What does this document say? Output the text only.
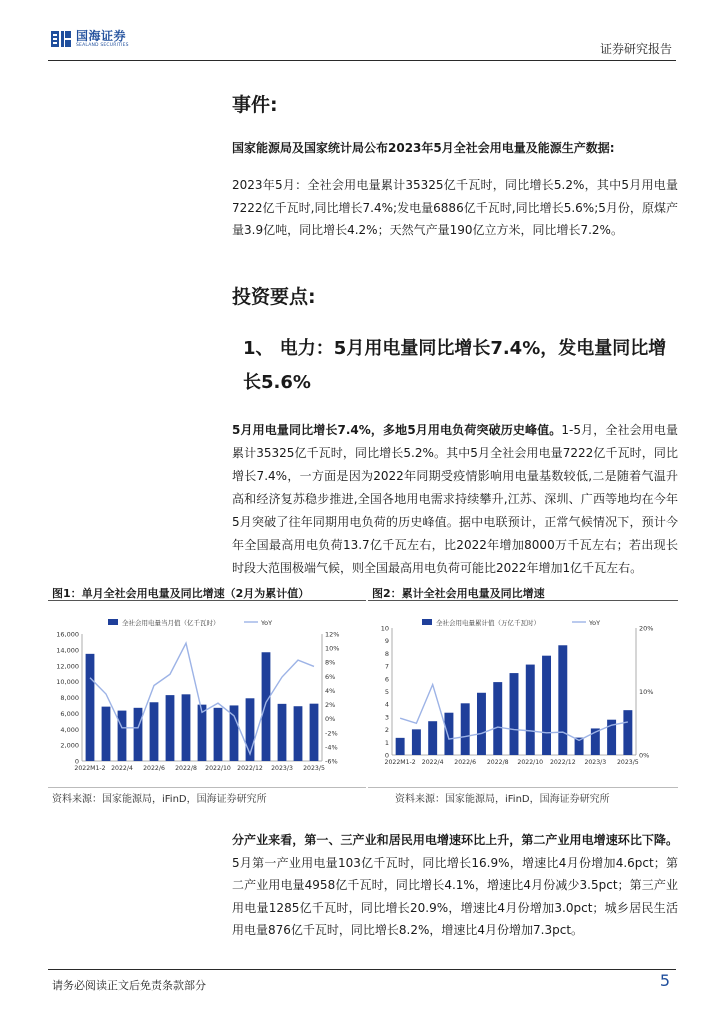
国海证券
SEALAND SECURITIES	证券研究报告
事件:
国家能源局及国家统计局公布2023年5月全社会用电量及能源生产数据:
2023年5月：全社会用电量累计35325亿千瓦时，同比增长5.2%，其中5月用电量7222亿千瓦时,同比增长7.4%;发电量6886亿千瓦时,同比增长5.6%;5月份，原煤产量3.9亿吨，同比增长4.2%；天然气产量190亿立方米，同比增长7.2%。
投资要点:
1、 电力：5月用电量同比增长7.4%，发电量同比增长5.6%
5月用电量同比增长7.4%，多地5月用电负荷突破历史峰值。1-5月，全社会用电量累计35325亿千瓦时，同比增长5.2%。其中5月全社会用电量7222亿千瓦时，同比增长7.4%，一方面是因为2022年同期受疫情影响用电量基数较低,二是随着气温升高和经济复苏稳步推进,全国各地用电需求持续攀升,江苏、深圳、广西等地均在今年5月突破了往年同期用电负荷的历史峰值。据中电联预计，正常气候情况下，预计今年全国最高用电负荷13.7亿千瓦左右，比2022年增加8000万千瓦左右；若出现长时段大范围极端气候，则全国最高用电负荷可能比2022年增加1亿千瓦左右。
图1：单月全社会用电量及同比增速（2月为累计值）	图2：累计全社会用电量及同比增速
0
2,000
4,000
6,000
8,000
10,000
12,000
14,000
16,000
-6%
-4%
-2%
0%
2%
4%
6%
8%
10%
12%
2022M1-2 2022/4 2022/6 2022/8 2022/10 2022/12 2023/3 2023/5
全社会用电量当月值（亿千瓦时）	YoY
0
1
2
3
4
5
6
7
8
9
10
0%
10%
20%
2022M1-2 2022/4 2022/6 2022/8 2022/10 2022/12 2023/3 2023/5
全社会用电量累计值（万亿千瓦时）	YoY
资料来源：国家能源局，iFinD，国海证券研究所	资料来源：国家能源局，iFinD，国海证券研究所
分产业来看，第一、三产业和居民用电增速环比上升，第二产业用电增速环比下降。5月第一产业用电量103亿千瓦时，同比增长16.9%，增速比4月份增加4.6pct；第二产业用电量4958亿千瓦时，同比增长4.1%，增速比4月份减少3.5pct；第三产业用电量1285亿千瓦时，同比增长20.9%，增速比4月份增加3.0pct；城乡居民生活用电量876亿千瓦时，同比增长8.2%，增速比4月份增加7.3pct。
请务必阅读正文后免责条款部分	5
